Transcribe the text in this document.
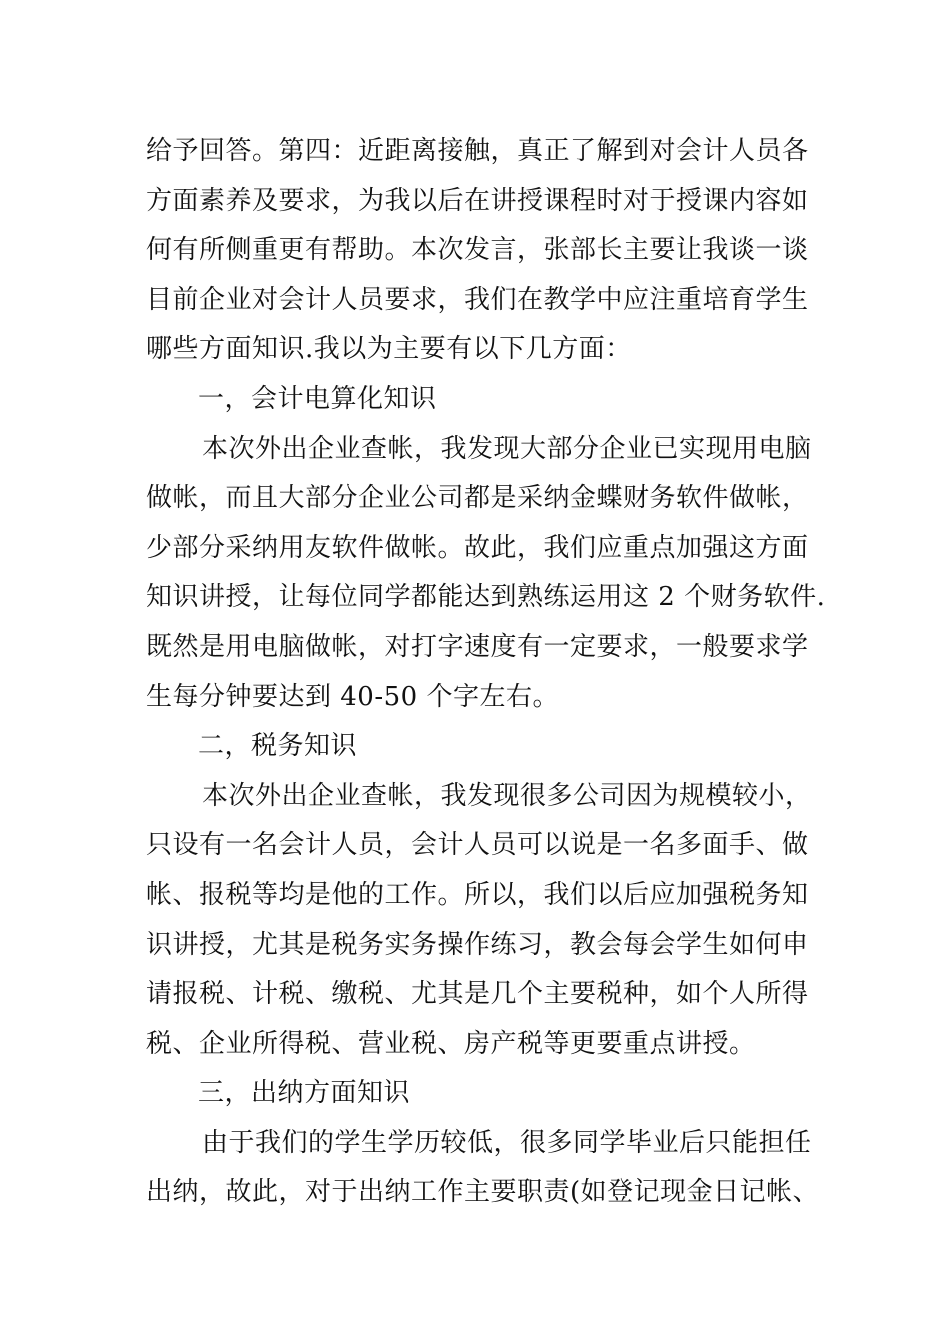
给予回答。第四：近距离接触，真正了解到对会计人员各
方面素养及要求，为我以后在讲授课程时对于授课内容如
何有所侧重更有帮助。本次发言，张部长主要让我谈一谈
目前企业对会计人员要求，我们在教学中应注重培育学生
哪些方面知识.我以为主要有以下几方面：
一，会计电算化知识
本次外出企业查帐，我发现大部分企业已实现用电脑
做帐，而且大部分企业公司都是采纳金蝶财务软件做帐，
少部分采纳用友软件做帐。故此，我们应重点加强这方面
知识讲授，让每位同学都能达到熟练运用这 2 个财务软件.
既然是用电脑做帐，对打字速度有一定要求，一般要求学
生每分钟要达到 40-50 个字左右。
二，税务知识
本次外出企业查帐，我发现很多公司因为规模较小，
只设有一名会计人员，会计人员可以说是一名多面手、做
帐、报税等均是他的工作。所以，我们以后应加强税务知
识讲授，尤其是税务实务操作练习，教会每会学生如何申
请报税、计税、缴税、尤其是几个主要税种，如个人所得
税、企业所得税、营业税、房产税等更要重点讲授。
三，出纳方面知识
由于我们的学生学历较低，很多同学毕业后只能担任
出纳，故此，对于出纳工作主要职责(如登记现金日记帐、
